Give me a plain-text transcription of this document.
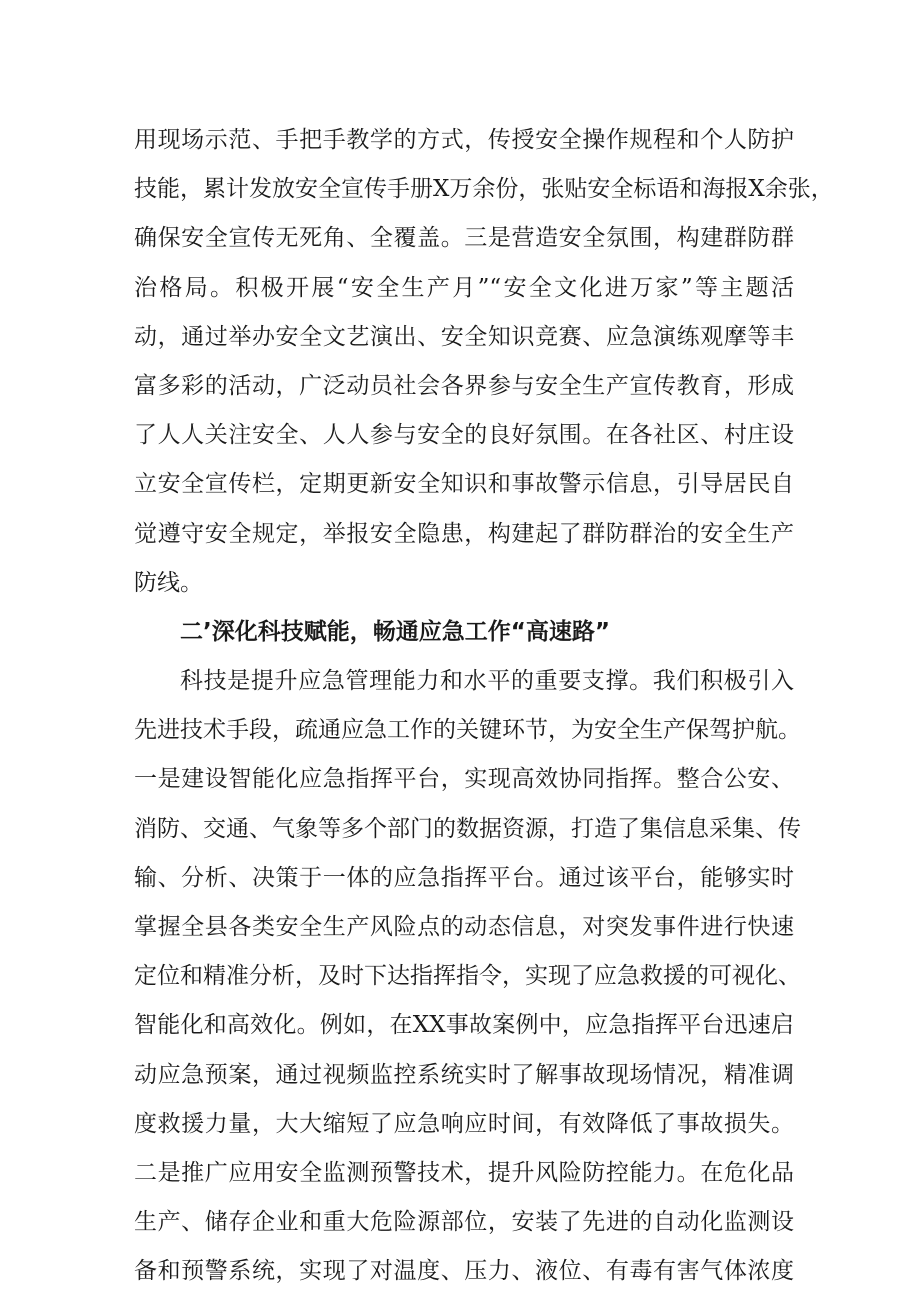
用现场示范、手把手教学的方式，传授安全操作规程和个人防护
技能，累计发放安全宣传手册X万余份，张贴安全标语和海报X余张，
确保安全宣传无死角、全覆盖。三是营造安全氛围，构建群防群
治格局。积极开展“安全生产月”“安全文化进万家”等主题活
动，通过举办安全文艺演出、安全知识竞赛、应急演练观摩等丰
富多彩的活动，广泛动员社会各界参与安全生产宣传教育，形成
了人人关注安全、人人参与安全的良好氛围。在各社区、村庄设
立安全宣传栏，定期更新安全知识和事故警示信息，引导居民自
觉遵守安全规定，举报安全隐患，构建起了群防群治的安全生产
防线。
二’深化科技赋能，畅通应急工作“高速路”
科技是提升应急管理能力和水平的重要支撑。我们积极引入
先进技术手段，疏通应急工作的关键环节，为安全生产保驾护航。
一是建设智能化应急指挥平台，实现高效协同指挥。整合公安、
消防、交通、气象等多个部门的数据资源，打造了集信息采集、传
输、分析、决策于一体的应急指挥平台。通过该平台，能够实时
掌握全县各类安全生产风险点的动态信息，对突发事件进行快速
定位和精准分析，及时下达指挥指令，实现了应急救援的可视化、
智能化和高效化。例如，在XX事故案例中，应急指挥平台迅速启
动应急预案，通过视频监控系统实时了解事故现场情况，精准调
度救援力量，大大缩短了应急响应时间，有效降低了事故损失。
二是推广应用安全监测预警技术，提升风险防控能力。在危化品
生产、储存企业和重大危险源部位，安装了先进的自动化监测设
备和预警系统，实现了对温度、压力、液位、有毒有害气体浓度
